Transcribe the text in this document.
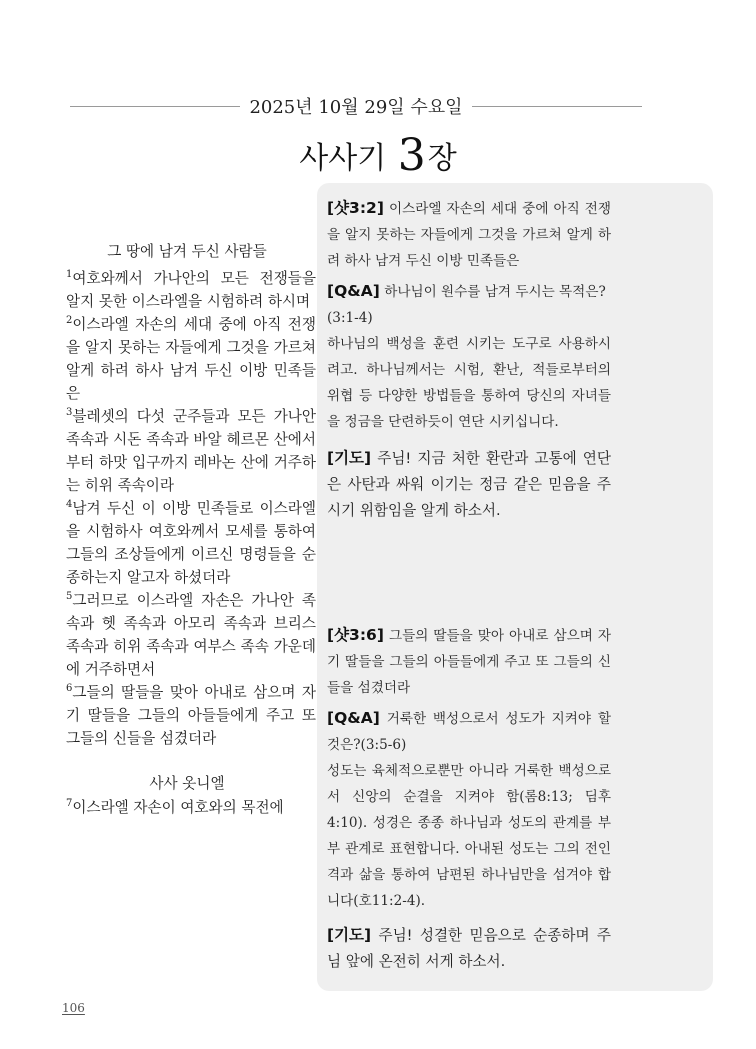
2025년 10월 29일 수요일
사사기 3장

그 땅에 남겨 두신 사람들

$^1$여호와께서 가나안의 모든 전쟁들을 알지 못한 이스라엘을 시험하려 하시며

$^2$이스라엘 자손의 세대 중에 아직 전쟁을 알지 못하는 자들에게 그것을 가르쳐 알게 하려 하사 남겨 두신 이방 민족들은

$^3$블레셋의 다섯 군주들과 모든 가나안 족속과 시돈 족속과 바알 헤르몬 산에서부터 하맛 입구까지 레바논 산에 거주하는 히위 족속이라

$^4$남겨 두신 이 이방 민족들로 이스라엘을 시험하사 여호와께서 모세를 통하여 그들의 조상들에게 이르신 명령들을 순종하는지 알고자 하셨더라

$^5$그러므로 이스라엘 자손은 가나안 족속과 헷 족속과 아모리 족속과 브리스 족속과 히위 족속과 여부스 족속 가운데에 거주하면서

$^6$그들의 딸들을 맞아 아내로 삼으며 자기 딸들을 그들의 아들들에게 주고 또 그들의 신들을 섬겼더라

사사 옷니엘

$^7$이스라엘 자손이 여호와의 목전에

[샷3:2] 이스라엘 자손의 세대 중에 아직 전쟁을 알지 못하는 자들에게 그것을 가르쳐 알게 하려 하사 남겨 두신 이방 민족들은

[Q&A] 하나님이 원수를 남겨 두시는 목적은?

(3:1-4)

하나님의 백성을 훈련 시키는 도구로 사용하시려고. 하나님께서는 시험, 환난, 적들로부터의 위협 등 다양한 방법들을 통하여 당신의 자녀들을 정금을 단련하듯이 연단 시키십니다.

[기도] 주님! 지금 처한 환란과 고통에 연단은 사탄과 싸워 이기는 정금 같은 믿음을 주시기 위함임을 알게 하소서.

[샷3:6] 그들의 딸들을 맞아 아내로 삼으며 자기 딸들을 그들의 아들들에게 주고 또 그들의 신들을 섬겼더라

[Q&A] 거룩한 백성으로서 성도가 지켜야 할 것은?(3:5-6)

성도는 육체적으로뿐만 아니라 거룩한 백성으로서 신앙의 순결을 지켜야 함(롬8:13; 딤후4:10). 성경은 종종 하나님과 성도의 관계를 부부 관계로 표현합니다. 아내된 성도는 그의 전인격과 삶을 통하여 남편된 하나님만을 섬겨야 합니다(호11:2-4).

[기도] 주님! 성결한 믿음으로 순종하며 주님 앞에 온전히 서게 하소서.

106
